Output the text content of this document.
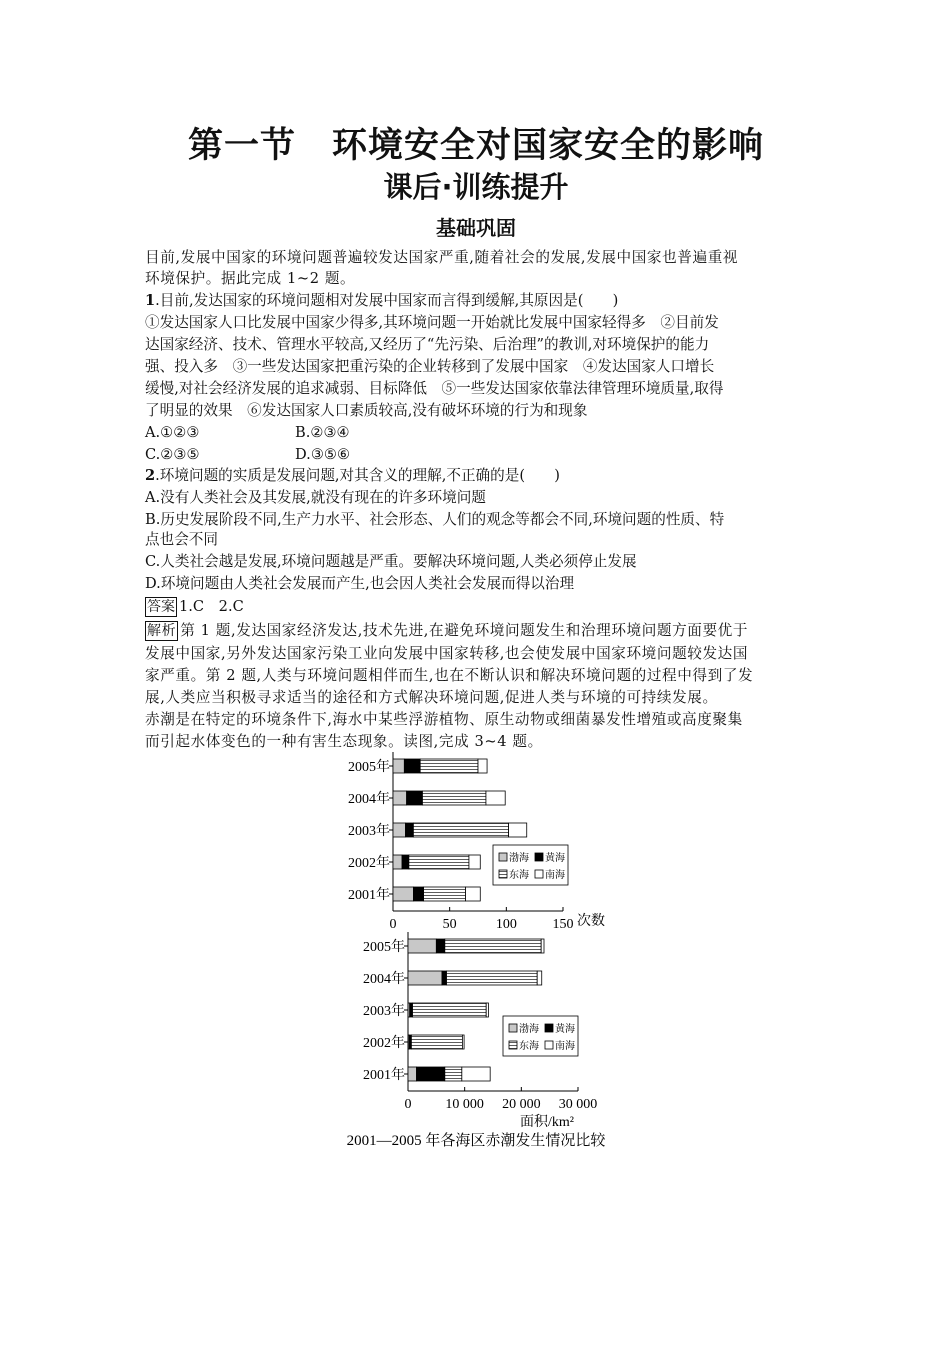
第一节　环境安全对国家安全的影响
课后·训练提升
基础巩固
目前,发展中国家的环境问题普遍较发达国家严重,随着社会的发展,发展中国家也普遍重视
环境保护。据此完成 1~2 题。
1.目前,发达国家的环境问题相对发展中国家而言得到缓解,其原因是(　　)
①发达国家人口比发展中国家少得多,其环境问题一开始就比发展中国家轻得多　②目前发
达国家经济、技术、管理水平较高,又经历了“先污染、后治理”的教训,对环境保护的能力
强、投入多　③一些发达国家把重污染的企业转移到了发展中国家　④发达国家人口增长
缓慢,对社会经济发展的追求减弱、目标降低　⑤一些发达国家依靠法律管理环境质量,取得
了明显的效果　⑥发达国家人口素质较高,没有破坏环境的行为和现象
A.①②③	B.②③④
C.②③⑤	D.③⑤⑥
2.环境问题的实质是发展问题,对其含义的理解,不正确的是(　　)
A.没有人类社会及其发展,就没有现在的许多环境问题
B.历史发展阶段不同,生产力水平、社会形态、人们的观念等都会不同,环境问题的性质、特
点也会不同
C.人类社会越是发展,环境问题越是严重。要解决环境问题,人类必须停止发展
D.环境问题由人类社会发展而产生,也会因人类社会发展而得以治理
答案 1.C　2.C
解析 第 1 题,发达国家经济发达,技术先进,在避免环境问题发生和治理环境问题方面要优于
发展中国家,另外发达国家污染工业向发展中国家转移,也会使发展中国家环境问题较发达国
家严重。第 2 题,人类与环境问题相伴而生,也在不断认识和解决环境问题的过程中得到了发
展,人类应当积极寻求适当的途径和方式解决环境问题,促进人类与环境的可持续发展。
赤潮是在特定的环境条件下,海水中某些浮游植物、原生动物或细菌暴发性增殖或高度聚集
而引起水体变色的一种有害生态现象。读图,完成 3~4 题。
0	50	100	150 次数
2005年
2004年
2003年
2002年
2001年
渤海 黄海
东海 南海
0 10 000 20 000 30 000
面积/km²
2005年
2004年
2003年
2002年
2001年
渤海 黄海
东海 南海
2001—2005 年各海区赤潮发生情况比较
